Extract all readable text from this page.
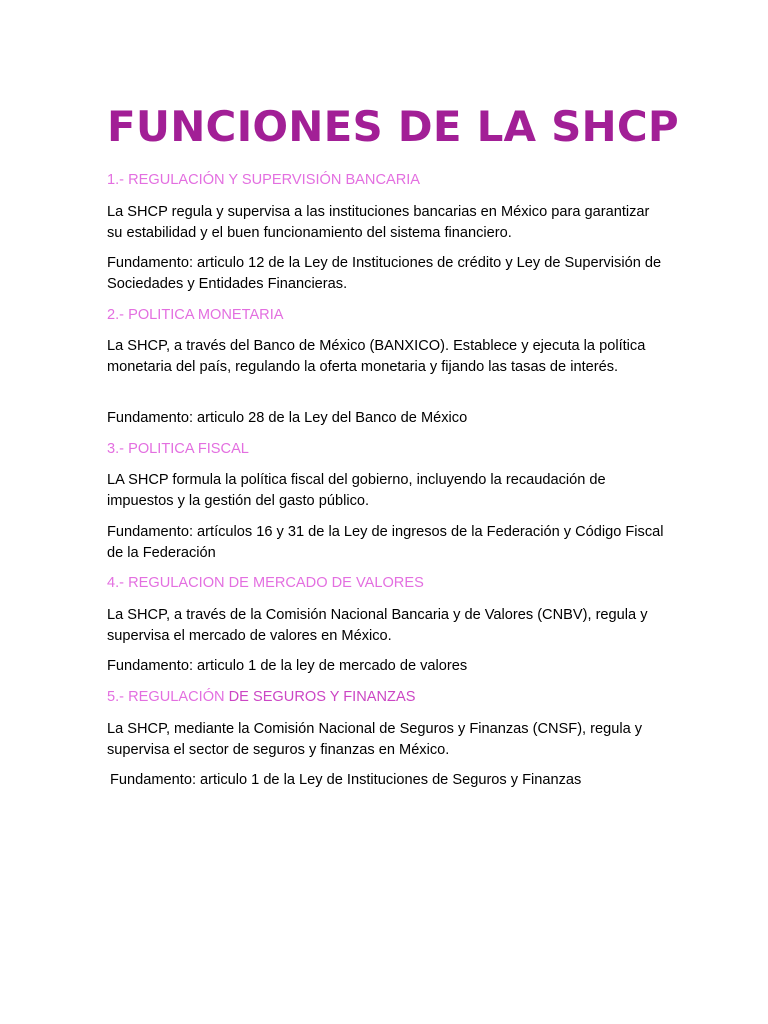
FUNCIONES DE LA SHCP

1.- REGULACIÓN Y SUPERVISIÓN BANCARIA

La SHCP regula y supervisa a las instituciones bancarias en México para garantizar su estabilidad y el buen funcionamiento del sistema financiero.

Fundamento: articulo 12 de la Ley de Instituciones de crédito y Ley de Supervisión de Sociedades y Entidades Financieras.

2.- POLITICA MONETARIA

La SHCP, a través del Banco de México (BANXICO). Establece y ejecuta la política monetaria del país, regulando la oferta monetaria y fijando las tasas de interés.

Fundamento: articulo 28 de la Ley del Banco de México

3.- POLITICA FISCAL

LA SHCP formula la política fiscal del gobierno, incluyendo la recaudación de impuestos y la gestión del gasto público.

Fundamento: artículos 16 y 31 de la Ley de ingresos de la Federación y Código Fiscal de la Federación

4.- REGULACION DE MERCADO DE VALORES

La SHCP, a través de la Comisión Nacional Bancaria y de Valores (CNBV), regula y supervisa el mercado de valores en México.

Fundamento: articulo 1 de la ley de mercado de valores

5.- REGULACIÓN DE SEGUROS Y FINANZAS

La SHCP, mediante la Comisión Nacional de Seguros y Finanzas (CNSF), regula y supervisa el sector de seguros y finanzas en México.

Fundamento: articulo 1 de la Ley de Instituciones de Seguros y Finanzas
